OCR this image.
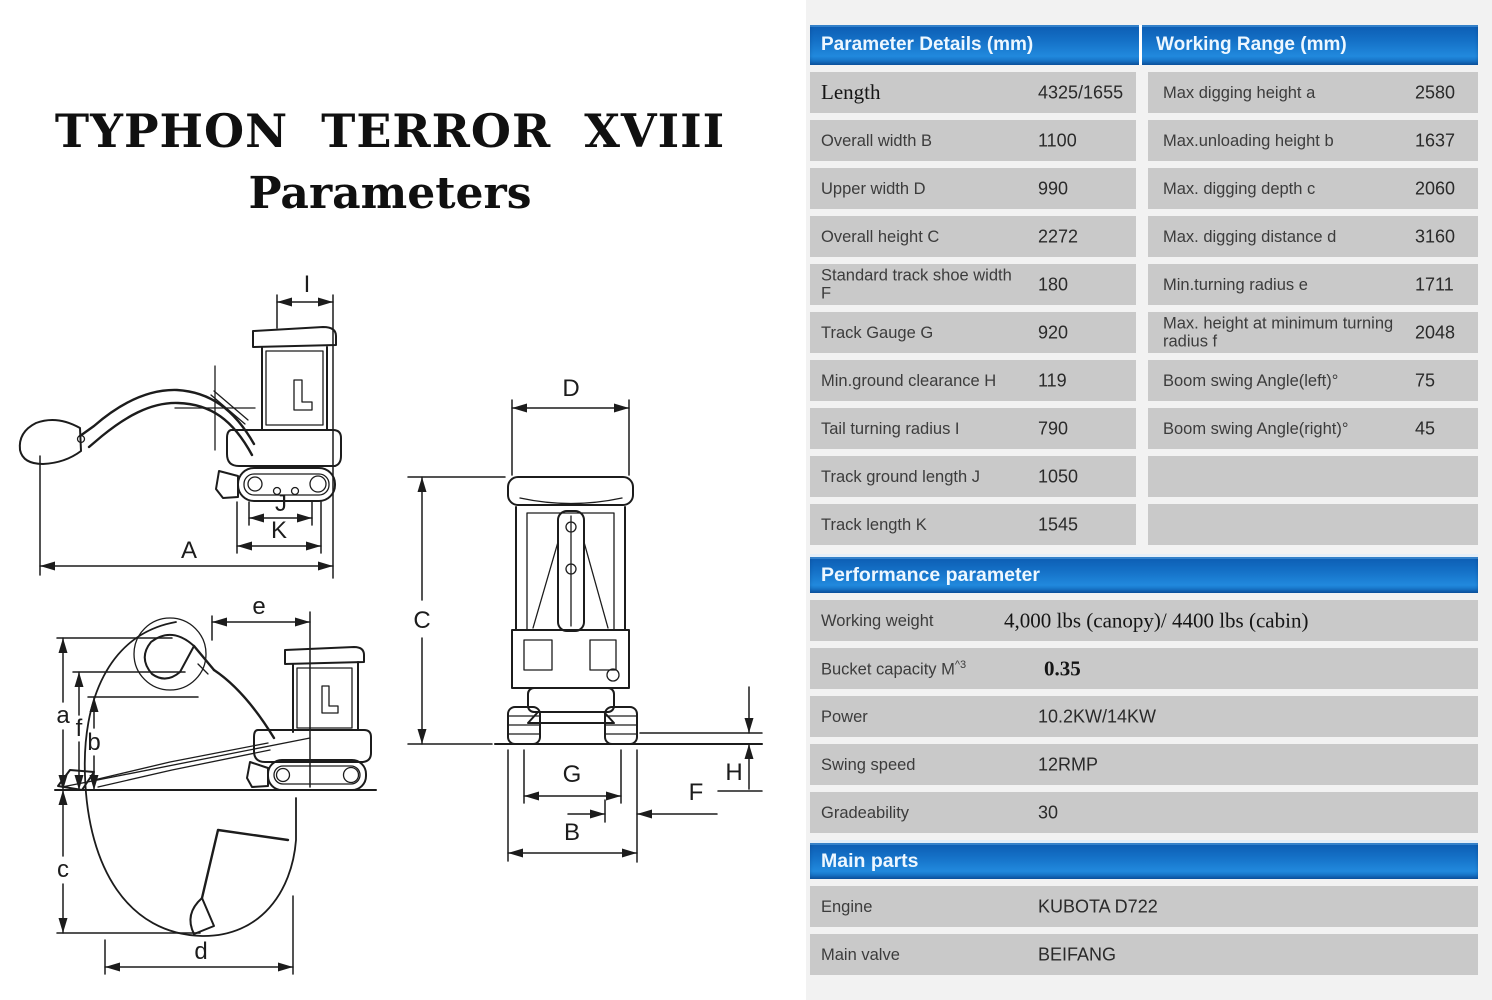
TYPHON TERROR XVIII
Parameters
I
J
K
A
D
C
G
F
B
H
e
a f
b
c
d
Parameter Details (mm)	Working Range (mm)
Length	4325/1655 Max digging height a	2580
Overall width B	1100	Max.unloading height b	1637
Upper width D	990	Max. digging depth c	2060
Overall height C	2272	Max. digging distance d	3160
Standard track shoe width F	180	Min.turning radius e	1711
Track Gauge G	920	Max. height at minimum turning radius f	2048
Min.ground clearance H	119	Boom swing Angle(left)°	75
Tail turning radius I	790	Boom swing Angle(right)°	45
Track ground length J	1050
Track length K	1545
Performance parameter
Working weight	4,000 lbs (canopy)/ 4400 lbs (cabin)
Bucket capacity $M^{\^{}3}$	0.35
Power	10.2KW/14KW
Swing speed	12RMP
Gradeability	30
Main parts
Engine	KUBOTA D722
Main valve	BEIFANG
